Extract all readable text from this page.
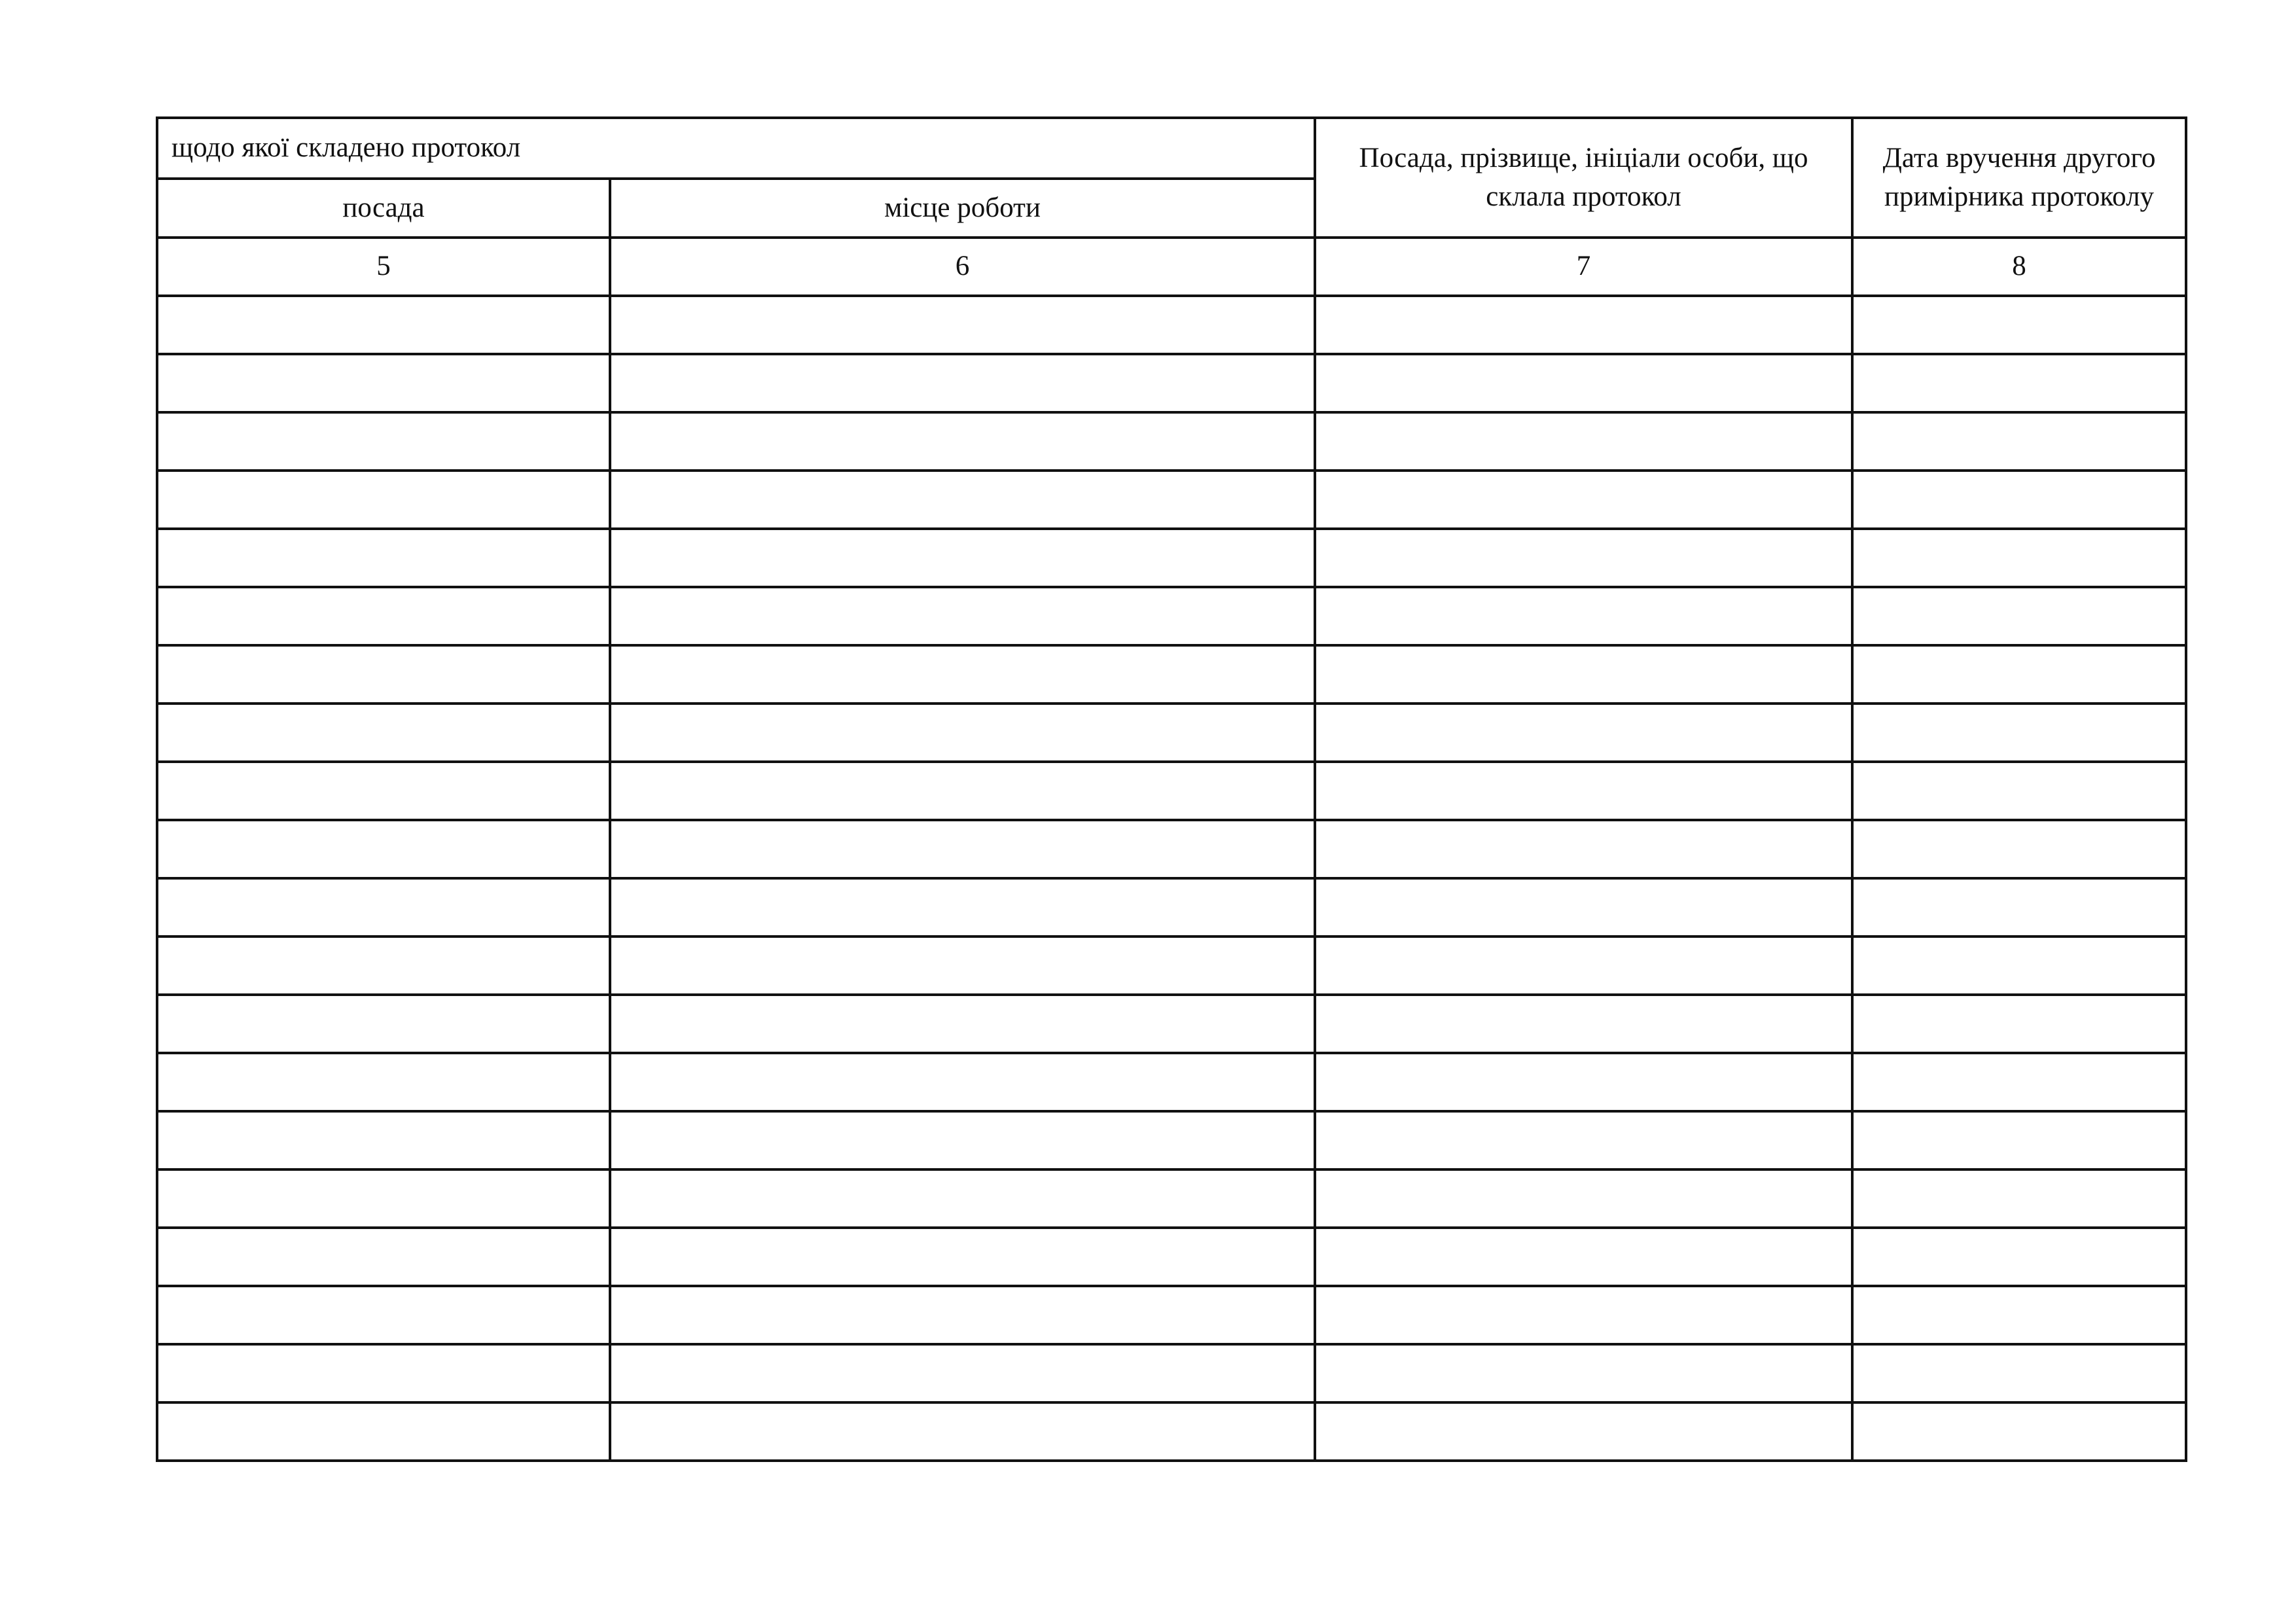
щодо якої складено протокол		Посада, прізвище, ініціали особи, що склала протокол	Дата вручення другого примірника протоколу
посада	місце роботи		
5	6	7	8
